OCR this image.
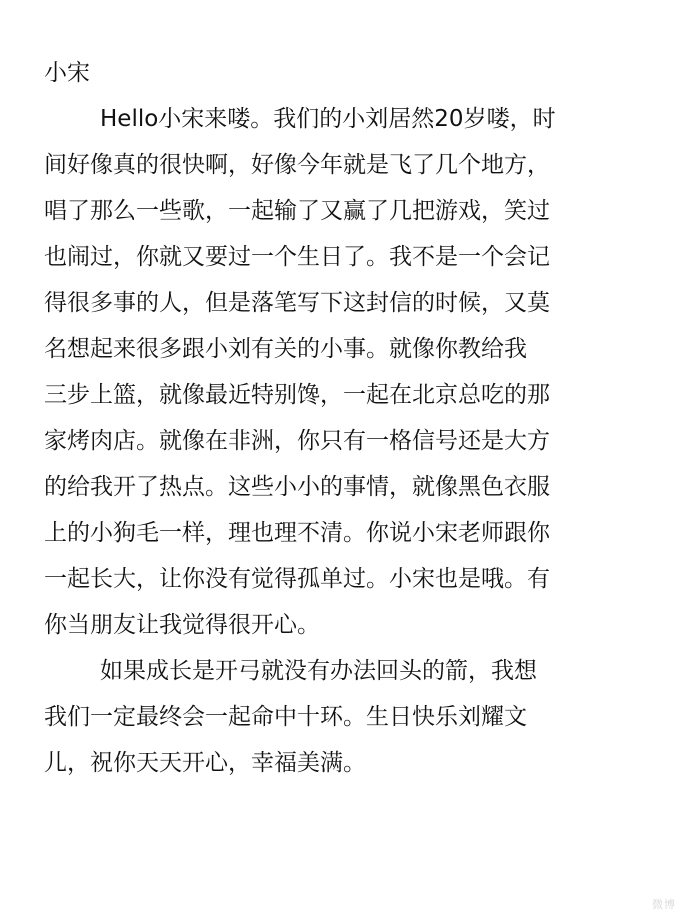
小宋
Hello小宋来喽。我们的小刘居然20岁喽，时
间好像真的很快啊，好像今年就是飞了几个地方，
唱了那么一些歌，一起输了又赢了几把游戏，笑过
也闹过，你就又要过一个生日了。我不是一个会记
得很多事的人，但是落笔写下这封信的时候，又莫
名想起来很多跟小刘有关的小事。就像你教给我
三步上篮，就像最近特别馋，一起在北京总吃的那
家烤肉店。就像在非洲，你只有一格信号还是大方
的给我开了热点。这些小小的事情，就像黑色衣服
上的小狗毛一样，理也理不清。你说小宋老师跟你
一起长大，让你没有觉得孤单过。小宋也是哦。有
你当朋友让我觉得很开心。
如果成长是开弓就没有办法回头的箭，我想
我们一定最终会一起命中十环。生日快乐刘耀文
儿，祝你天天开心，幸福美满。
微博
